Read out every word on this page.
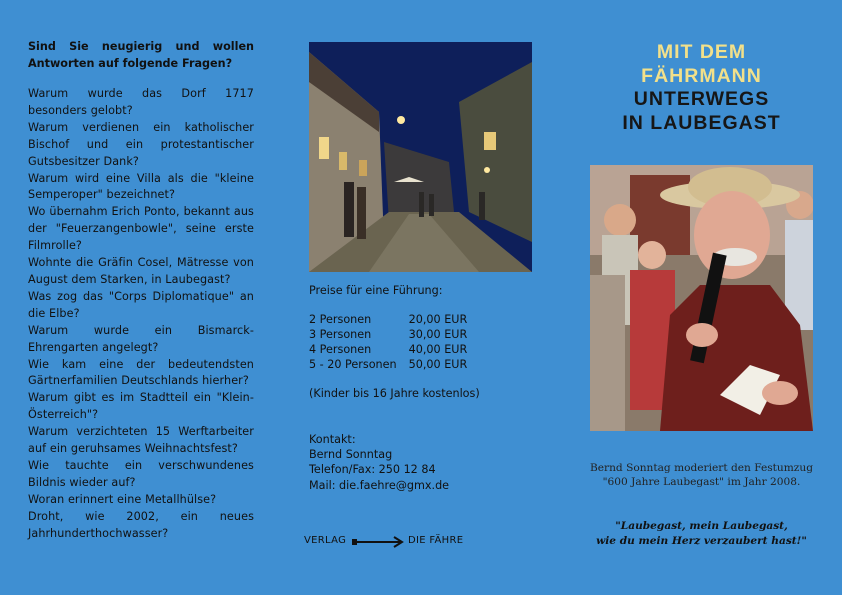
Sind Sie neugierig und wollen Antworten auf folgende Fragen?
Warum wurde das Dorf 1717 besonders gelobt?
Warum verdienen ein katholischer Bischof und ein protestantischer Gutsbesitzer Dank?
Warum wird eine Villa als die "kleine Semperoper" bezeichnet?
Wo übernahm Erich Ponto, bekannt aus der "Feuerzangenbowle", seine erste Filmrolle?
Wohnte die Gräfin Cosel, Mätresse von August dem Starken, in Laubegast?
Was zog das "Corps Diplomatique" an die Elbe?
Warum wurde ein Bismarck-Ehrengarten angelegt?
Wie kam eine der bedeutendsten Gärtnerfamilien Deutschlands hierher?
Warum gibt es im Stadtteil ein "Klein-Österreich"?
Warum verzichteten 15 Werftarbeiter auf ein geruhsames Weihnachtsfest?
Wie tauchte ein verschwundenes Bildnis wieder auf?
Woran erinnert eine Metallhülse?
Droht, wie 2002, ein neues Jahrhunderthochwasser?
Preise für eine Führung:
2 Personen	20,00 EUR
3 Personen	30,00 EUR
4 Personen	40,00 EUR
5 - 20 Personen	50,00 EUR
(Kinder bis 16 Jahre kostenlos)
Kontakt:
Bernd Sonntag
Telefon/Fax: 250 12 84
Mail: die.faehre@gmx.de
VERLAG	DIE FÄHRE
MIT DEM
FÄHRMANN
UNTERWEGS
IN LAUBEGAST
Bernd Sonntag moderiert den Festumzug
"600 Jahre Laubegast" im Jahr 2008.
"Laubegast, mein Laubegast,
wie du mein Herz verzaubert hast!"
